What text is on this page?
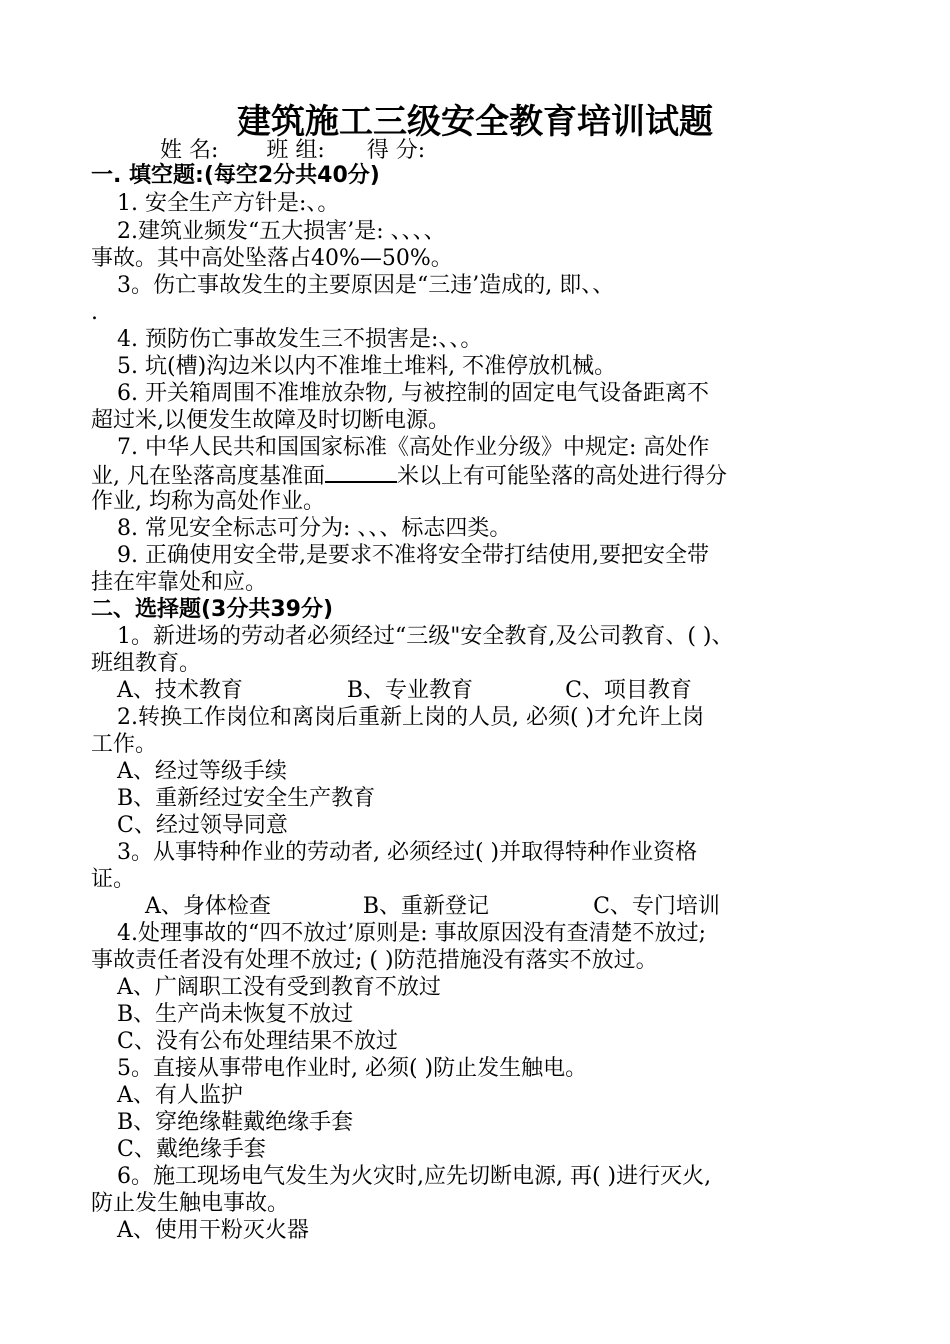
建筑施工三级安全教育培训试题
姓 名: 班 组: 得 分:
一. 填空题:(每空2分共40分)
1. 安全生产方针是:、。
2.建筑业频发“五大损害’是: 、、、、
事故。其中高处坠落占40%—50%。
3。伤亡事故发生的主要原因是“三违’造成的, 即、、
.
4. 预防伤亡事故发生三不损害是:、、。
5. 坑(槽)沟边米以内不准堆土堆料, 不准停放机械。
6. 开关箱周围不准堆放杂物, 与被控制的固定电气设备距离不
超过米,以便发生故障及时切断电源。
7. 中华人民共和国国家标准《高处作业分级》中规定: 高处作
业, 凡在坠落高度基准面	米以上有可能坠落的高处进行得分
作业, 均称为高处作业。
8. 常见安全标志可分为: 、、、标志四类。
9. 正确使用安全带,是要求不准将安全带打结使用,要把安全带
挂在牢靠处和应。
二、选择题(3分共39分)
1。新进场的劳动者必须经过“三级"安全教育,及公司教育、( )、
班组教育。
A、技术教育	B、专业教育	C、项目教育
2.转换工作岗位和离岗后重新上岗的人员, 必须( )才允许上岗
工作。
A、经过等级手续
B、重新经过安全生产教育
C、经过领导同意
3。从事特种作业的劳动者, 必须经过( )并取得特种作业资格
证。
A、身体检查	B、重新登记	C、专门培训
4.处理事故的“四不放过’原则是: 事故原因没有查清楚不放过;
事故责任者没有处理不放过; ( )防范措施没有落实不放过。
A、广阔职工没有受到教育不放过
B、生产尚未恢复不放过
C、没有公布处理结果不放过
5。直接从事带电作业时, 必须( )防止发生触电。
A、有人监护
B、穿绝缘鞋戴绝缘手套
C、戴绝缘手套
6。施工现场电气发生为火灾时,应先切断电源, 再( )进行灭火,
防止发生触电事故。
A、使用干粉灭火器
